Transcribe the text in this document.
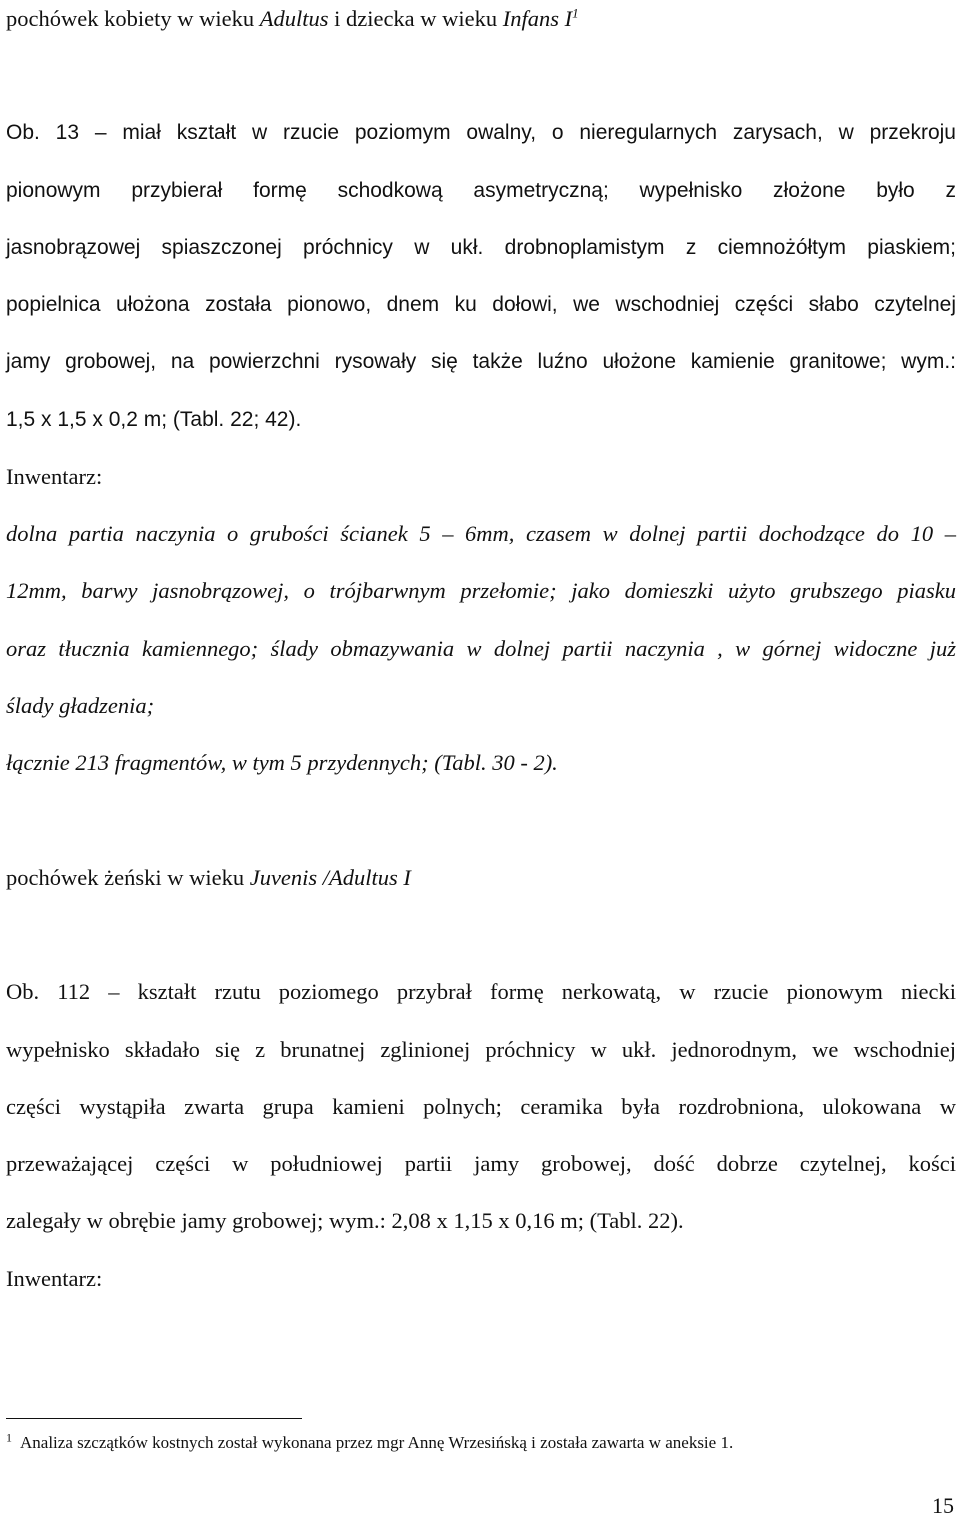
pochówek kobiety w wieku Adultus i dziecka w wieku Infans $I^1$
Ob. 13 – miał kształt w rzucie poziomym owalny, o nieregularnych zarysach, w przekroju
pionowym przybierał formę schodkową asymetryczną; wypełnisko złożone było z
jasnobrązowej spiaszczonej próchnicy w ukł. drobnoplamistym z ciemnożółtym piaskiem;
popielnica ułożona została pionowo, dnem ku dołowi, we wschodniej części słabo czytelnej
jamy grobowej, na powierzchni rysowały się także luźno ułożone kamienie granitowe; wym.:
1,5 x 1,5 x 0,2 m; (Tabl. 22; 42).
Inwentarz:
dolna partia naczynia o grubości ścianek 5 – 6mm, czasem w dolnej partii dochodzące do 10 –
12mm, barwy jasnobrązowej, o trójbarwnym przełomie; jako domieszki użyto grubszego piasku
oraz tłucznia kamiennego; ślady obmazywania w dolnej partii naczynia , w górnej widoczne już
ślady gładzenia;
łącznie 213 fragmentów, w tym 5 przydennych; (Tabl. 30 - 2).
pochówek żeński w wieku Juvenis /Adultus I
Ob. 112 – kształt rzutu poziomego przybrał formę nerkowatą, w rzucie pionowym niecki
wypełnisko składało się z brunatnej zglinionej próchnicy w ukł. jednorodnym, we wschodniej
części wystąpiła zwarta grupa kamieni polnych; ceramika była rozdrobniona, ulokowana w
przeważającej części w południowej partii jamy grobowej, dość dobrze czytelnej, kości
zalegały w obrębie jamy grobowej; wym.: 2,08 x 1,15 x 0,16 m; (Tabl. 22).
Inwentarz:
$^1$ Analiza szczątków kostnych został wykonana przez mgr Annę Wrzesińską i została zawarta w aneksie 1.
15
